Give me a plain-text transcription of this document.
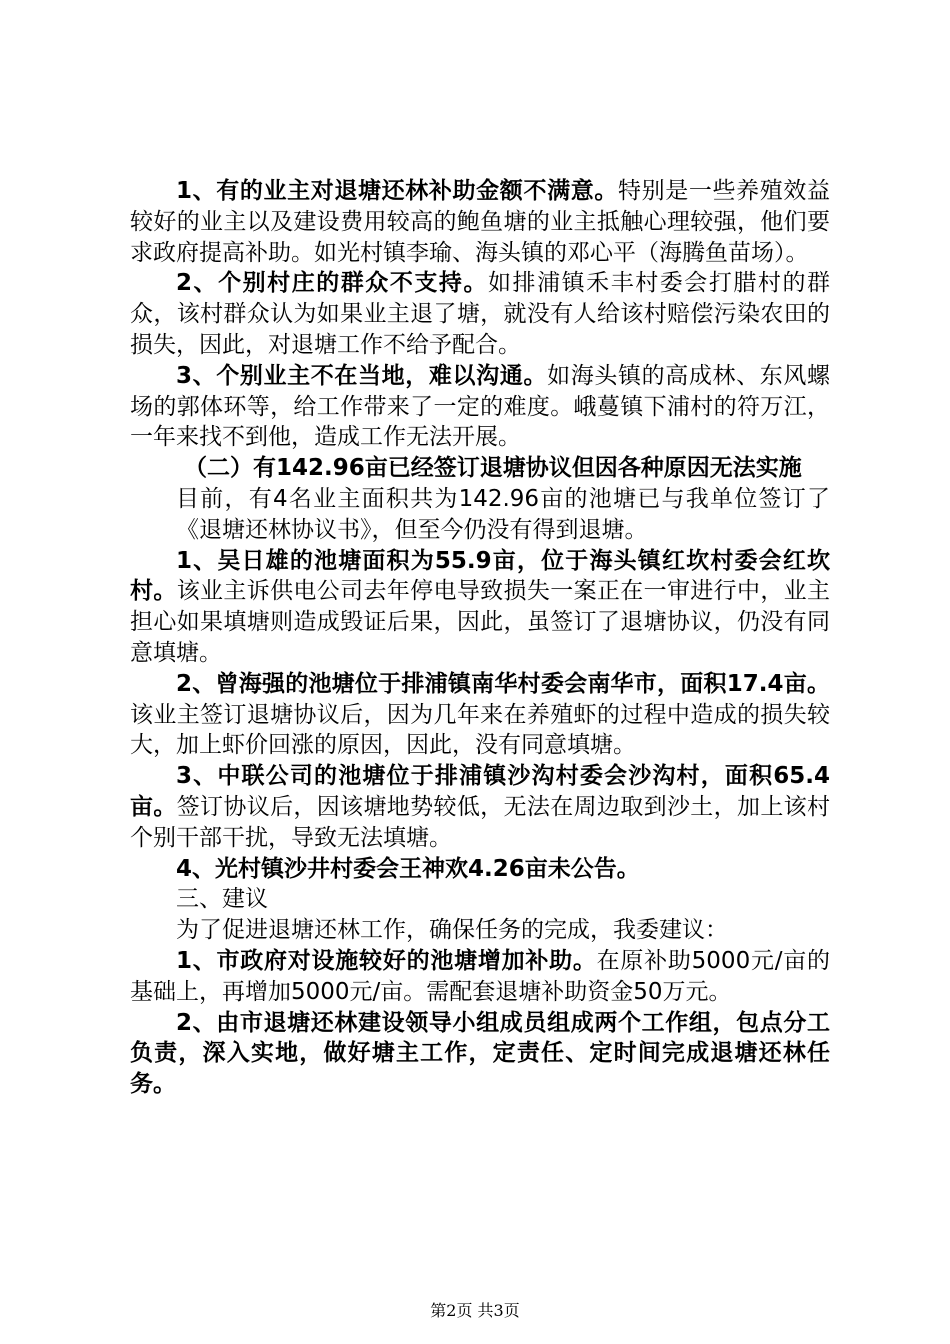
1、有的业主对退塘还林补助金额不满意。特别是一些养殖效益较好的业主以及建设费用较高的鲍鱼塘的业主抵触心理较强，他们要求政府提高补助。如光村镇李瑜、海头镇的邓心平（海腾鱼苗场）。

2、个别村庄的群众不支持。如排浦镇禾丰村委会打腊村的群众，该村群众认为如果业主退了塘，就没有人给该村赔偿污染农田的损失，因此，对退塘工作不给予配合。

3、个别业主不在当地，难以沟通。如海头镇的高成林、东风螺场的郭体环等，给工作带来了一定的难度。峨蔓镇下浦村的符万江，一年来找不到他，造成工作无法开展。

（二）有142.96亩已经签订退塘协议但因各种原因无法实施

目前，有4名业主面积共为142.96亩的池塘已与我单位签订了《退塘还林协议书》，但至今仍没有得到退塘。

1、吴日雄的池塘面积为55.9亩，位于海头镇红坎村委会红坎村。该业主诉供电公司去年停电导致损失一案正在一审进行中，业主担心如果填塘则造成毁证后果，因此，虽签订了退塘协议，仍没有同意填塘。

2、曾海强的池塘位于排浦镇南华村委会南华市，面积17.4亩。该业主签订退塘协议后，因为几年来在养殖虾的过程中造成的损失较大，加上虾价回涨的原因，因此，没有同意填塘。

3、中联公司的池塘位于排浦镇沙沟村委会沙沟村，面积65.4亩。签订协议后，因该塘地势较低，无法在周边取到沙土，加上该村个别干部干扰，导致无法填塘。

4、光村镇沙井村委会王神欢4.26亩未公告。

三、建议

为了促进退塘还林工作，确保任务的完成，我委建议：

1、市政府对设施较好的池塘增加补助。在原补助5000元/亩的基础上，再增加5000元/亩。需配套退塘补助资金50万元。

2、由市退塘还林建设领导小组成员组成两个工作组，包点分工负责，深入实地，做好塘主工作，定责任、定时间完成退塘还林任务。

第2页 共3页
